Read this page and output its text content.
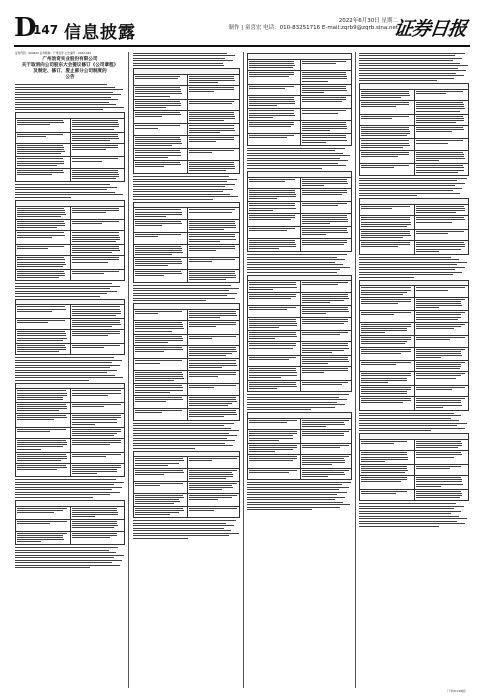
D
147 信息披露
2022年6月30日 星期二
制作 | 童喜宏 电话：010-83251716 E-mail:zqrb9@zqrb.sina.net
证券日报
证券代码：000523 证券简称：广州浪奇 公告编号：2022-043
广州浪奇实业股份有限公司
关于取消向公司股东大会提议修订《公司章程》
及制定、修订、废止部分公司制度的
公告
（下转D148版）
